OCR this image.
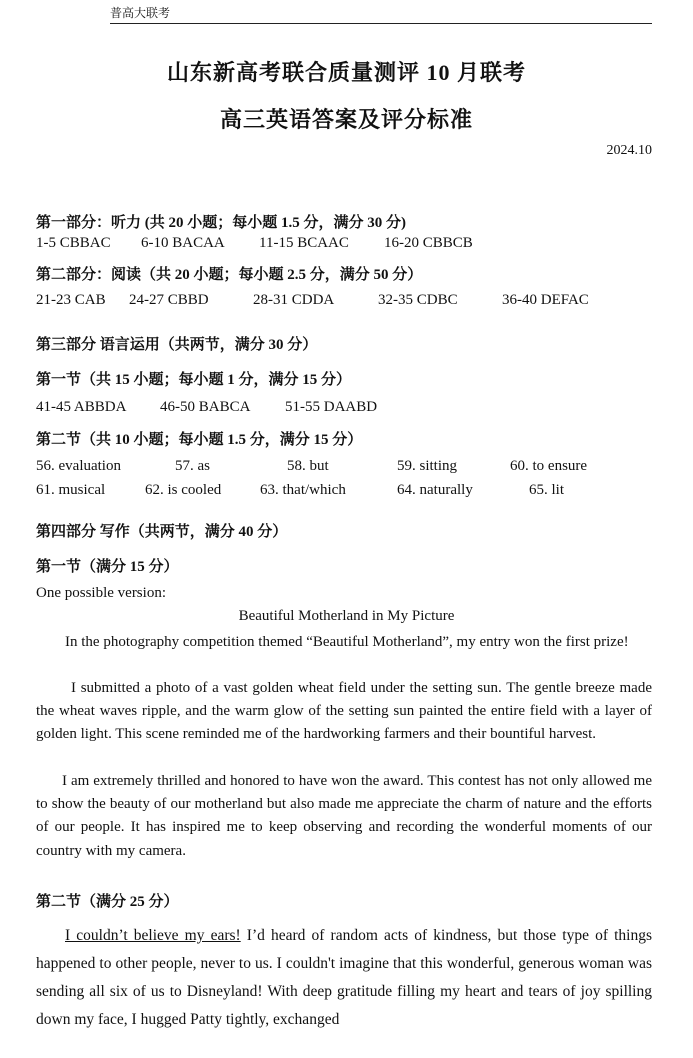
普高大联考
山东新高考联合质量测评 10 月联考
高三英语答案及评分标准
2024.10
第一部分：听力 (共 20 小题；每小题 1.5 分，满分 30 分)
1-5 CBBAC 6-10 BACAA 11-15 BCAAC 16-20 CBBCB
第二部分：阅读（共 20 小题；每小题 2.5 分，满分 50 分）
21-23 CAB 24-27 CBBD	28-31 CDDA	32-35 CDBC	36-40 DEFAC
第三部分 语言运用（共两节，满分 30 分）
第一节（共 15 小题；每小题 1 分，满分 15 分）
41-45 ABBDA 46-50 BABCA 51-55 DAABD
第二节（共 10 小题；每小题 1.5 分，满分 15 分）
56. evaluation	57. as	58. but	59. sitting	60. to ensure
61. musical	62. is cooled	63. that/which	64. naturally	65. lit
第四部分 写作（共两节，满分 40 分）
第一节（满分 15 分）
One possible version:
Beautiful Motherland in My Picture
In the photography competition themed “Beautiful Motherland”, my entry won the first prize!
I submitted a photo of a vast golden wheat field under the setting sun. The gentle breeze made the wheat waves ripple, and the warm glow of the setting sun painted the entire field with a layer of golden light. This scene reminded me of the hardworking farmers and their bountiful harvest.
I am extremely thrilled and honored to have won the award. This contest has not only allowed me to show the beauty of our motherland but also made me appreciate the charm of nature and the efforts of our people. It has inspired me to keep observing and recording the wonderful moments of our country with my camera.
第二节（满分 25 分）
I couldn’t believe my ears! I’d heard of random acts of kindness, but those type of things happened to other people, never to us. I couldn't imagine that this wonderful, generous woman was sending all six of us to Disneyland! With deep gratitude filling my heart and tears of joy spilling down my face, I hugged Patty tightly, exchanged
